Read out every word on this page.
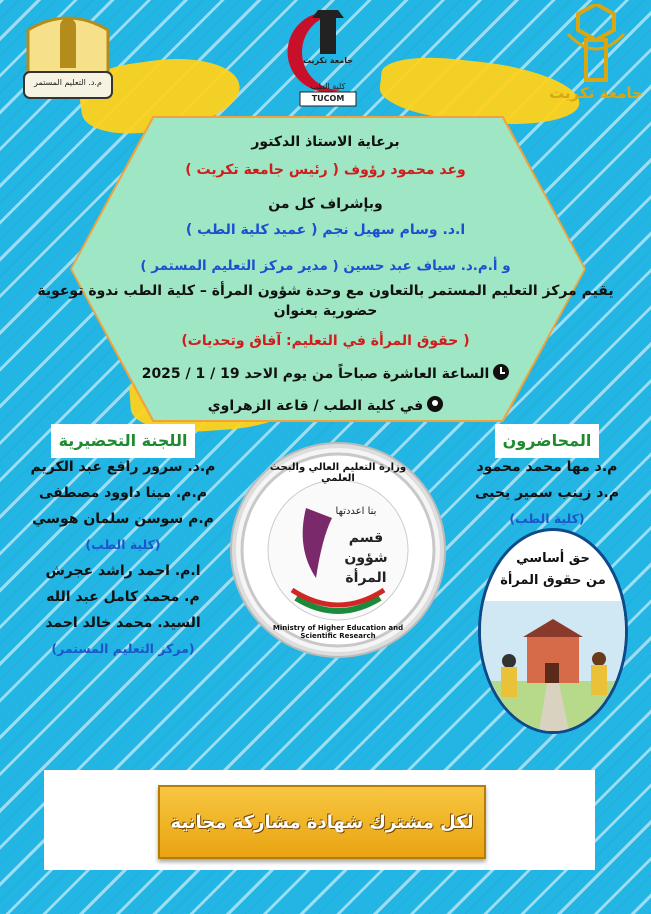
م.د. التعليم المستمر
جامعة تكريت
كلية الطب
TUCOM	جامعة تكريت
برعاية الاستاذ الدكتور
وعد محمود رؤوف ( رئيس جامعة تكريت )
وبإشراف كل من
ا.د. وسام سهيل نجم ( عميد كلية الطب )
و أ.م.د. سياف عبد حسين ( مدير مركز التعليم المستمر )
يقيم مركز التعليم المستمر بالتعاون مع وحدة شؤون المرأة – كلية الطب ندوة توعوية
حضورية بعنوان
( حقوق المرأة في التعليم: آفاق وتحديات)
الساعة العاشرة صباحاً من يوم الاحد 19 / 1 / 2025
في كلية الطب / قاعة الزهراوي
اللجنة التحضيرية
م.د. سرور رافع عبد الكريم
م.م. مينا داوود مصطفى
م.م سوسن سلمان هوسي
(كلية الطب)
ا.م. احمد راشد عجرش
م. محمد كامل عبد الله
السيد. محمد خالد احمد
(مركز التعليم المستمر)
المحاضرون
م.د مها محمد محمود
م.د زينب سمير يحيى
(كلية الطب)
وزارة التعليم العالي والبحث العلمي
بنا اعددتها
قسم
شؤون
المرأة
Ministry of Higher Education and Scientific Research
حق أساسي
من حقوق المرأة
لكل مشترك شهادة مشاركة مجانية
